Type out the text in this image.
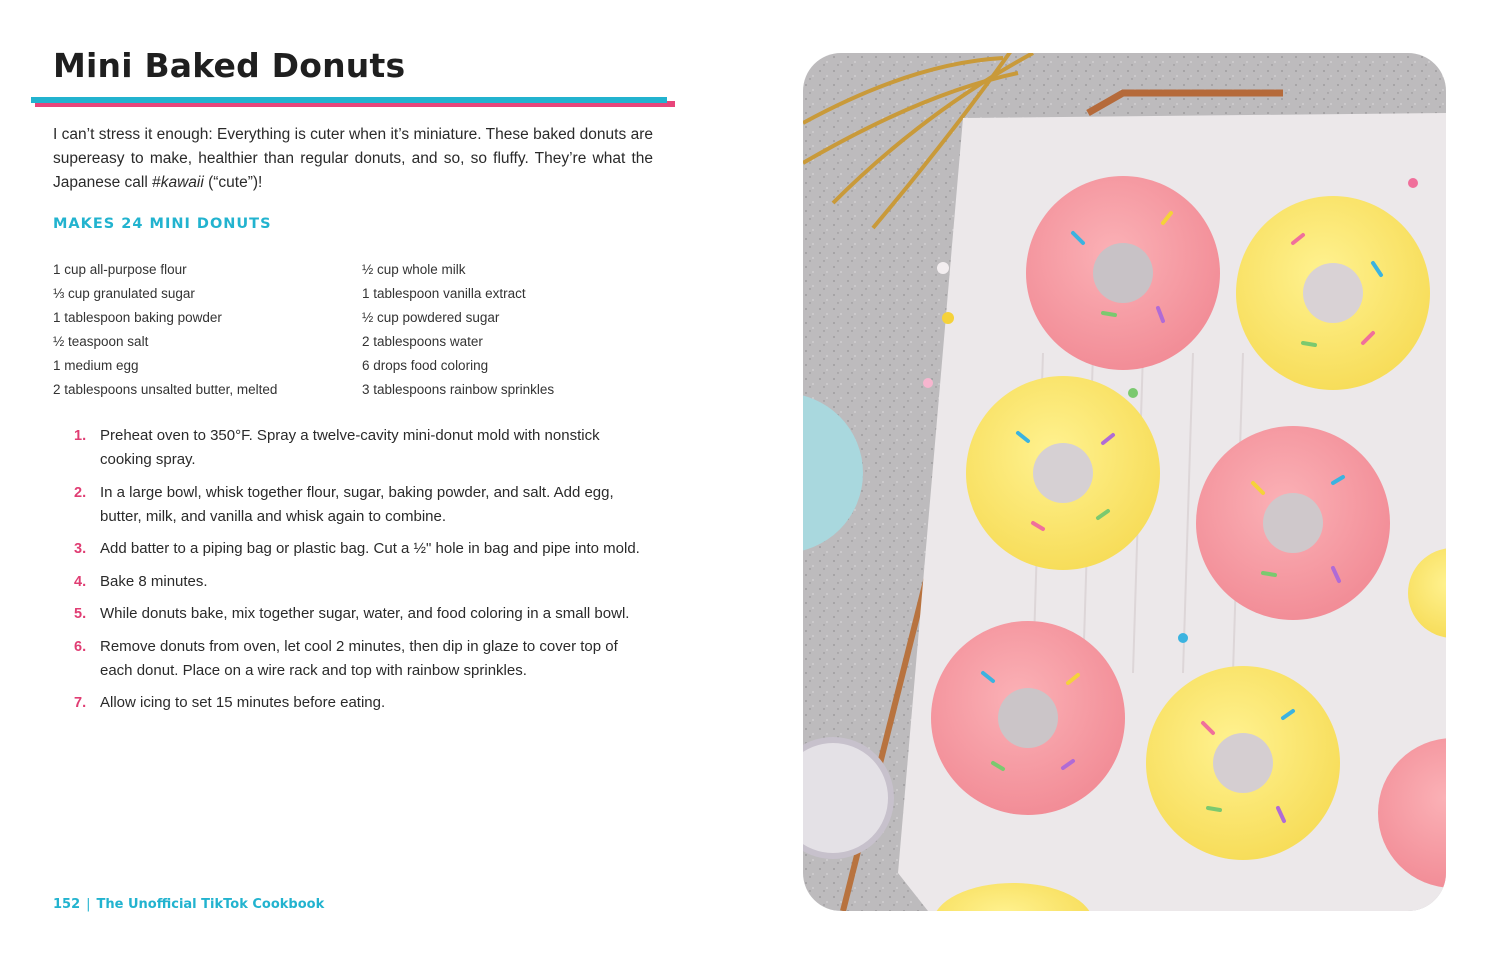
Mini Baked Donuts

I can’t stress it enough: Everything is cuter when it’s miniature. These baked donuts are supereasy to make, healthier than regular donuts, and so, so fluffy. They’re what the Japanese call #kawaii (“cute”)!

MAKES 24 MINI DONUTS
1 cup all-purpose flour
⅓ cup granulated sugar
1 tablespoon baking powder
½ teaspoon salt
1 medium egg
2 tablespoons unsalted butter, melted
½ cup whole milk
1 tablespoon vanilla extract
½ cup powdered sugar
2 tablespoons water
6 drops food coloring
3 tablespoons rainbow sprinkles
1. Preheat oven to 350°F. Spray a twelve-cavity mini-donut mold with nonstick cooking spray.
2. In a large bowl, whisk together flour, sugar, baking powder, and salt. Add egg, butter, milk, and vanilla and whisk again to combine.
3. Add batter to a piping bag or plastic bag. Cut a ½" hole in bag and pipe into mold.
4. Bake 8 minutes.
5. While donuts bake, mix together sugar, water, and food coloring in a small bowl.
6. Remove donuts from oven, let cool 2 minutes, then dip in glaze to cover top of each donut. Place on a wire rack and top with rainbow sprinkles.
7. Allow icing to set 15 minutes before eating.
152 | The Unofficial TikTok Cookbook
